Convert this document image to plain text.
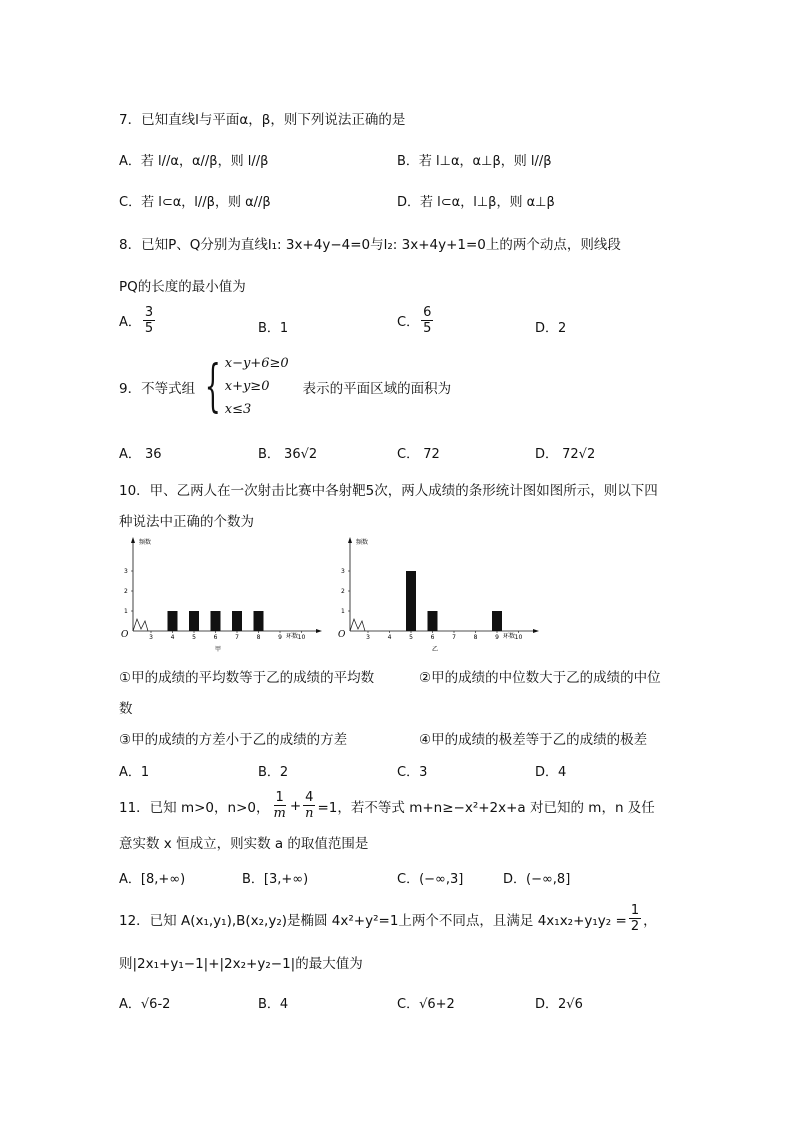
7．已知直线l与平面α，β，则下列说法正确的是
A．若 l//α，α//β，则 l//β	B．若 l⊥α，α⊥β，则 l//β
C．若 l⊂α，l//β，则 α//β	D．若 l⊂α，l⊥β，则 α⊥β
8．已知P、Q分别为直线l₁: 3x+4y−4=0与l₂: 3x+4y+1=0上的两个动点，则线段
PQ的长度的最小值为
A． $\frac{3}{5}$	B．1	C． $\frac{6}{5}$	D．2
9．不等式组 { x−y+6≥0
x+y≥0
x≤3
表示的平面区域的面积为
A． 36	B． 36√2	C． 72	D． 72√2
10．甲、乙两人在一次射击比赛中各射靶5次，两人成绩的条形统计图如图所示，则以下四
种说法中正确的个数为
频数
环数
O
1
2
3
3	4	5	6	7	8	9	10
甲
频数
环数
O
1
2
3
3	4	5	6	7	8	9	10
乙
①甲的成绩的平均数等于乙的成绩的平均数	②甲的成绩的中位数大于乙的成绩的中位
数
③甲的成绩的方差小于乙的成绩的方差	④甲的成绩的极差等于乙的成绩的极差
A．1	B．2	C．3	D．4
11．已知 m>0，n>0， $\frac{1}{m} + \frac{4}{n} =1$，若不等式 m+n≥−x²+2x+a 对已知的 m，n 及任
意实数 x 恒成立，则实数 a 的取值范围是
A．[8,+∞)	B．[3,+∞)	C．(−∞,3]	D．(−∞,8]
12．已知 A(x₁,y₁),B(x₂,y₂)是椭圆 4x²+y²=1上两个不同点，且满足 $4x_1x_2+y_1y_2 = \frac{1}{2}$ ，
则|2x₁+y₁−1|+|2x₂+y₂−1|的最大值为
A．√6-2	B．4	C．√6+2	D．2√6
